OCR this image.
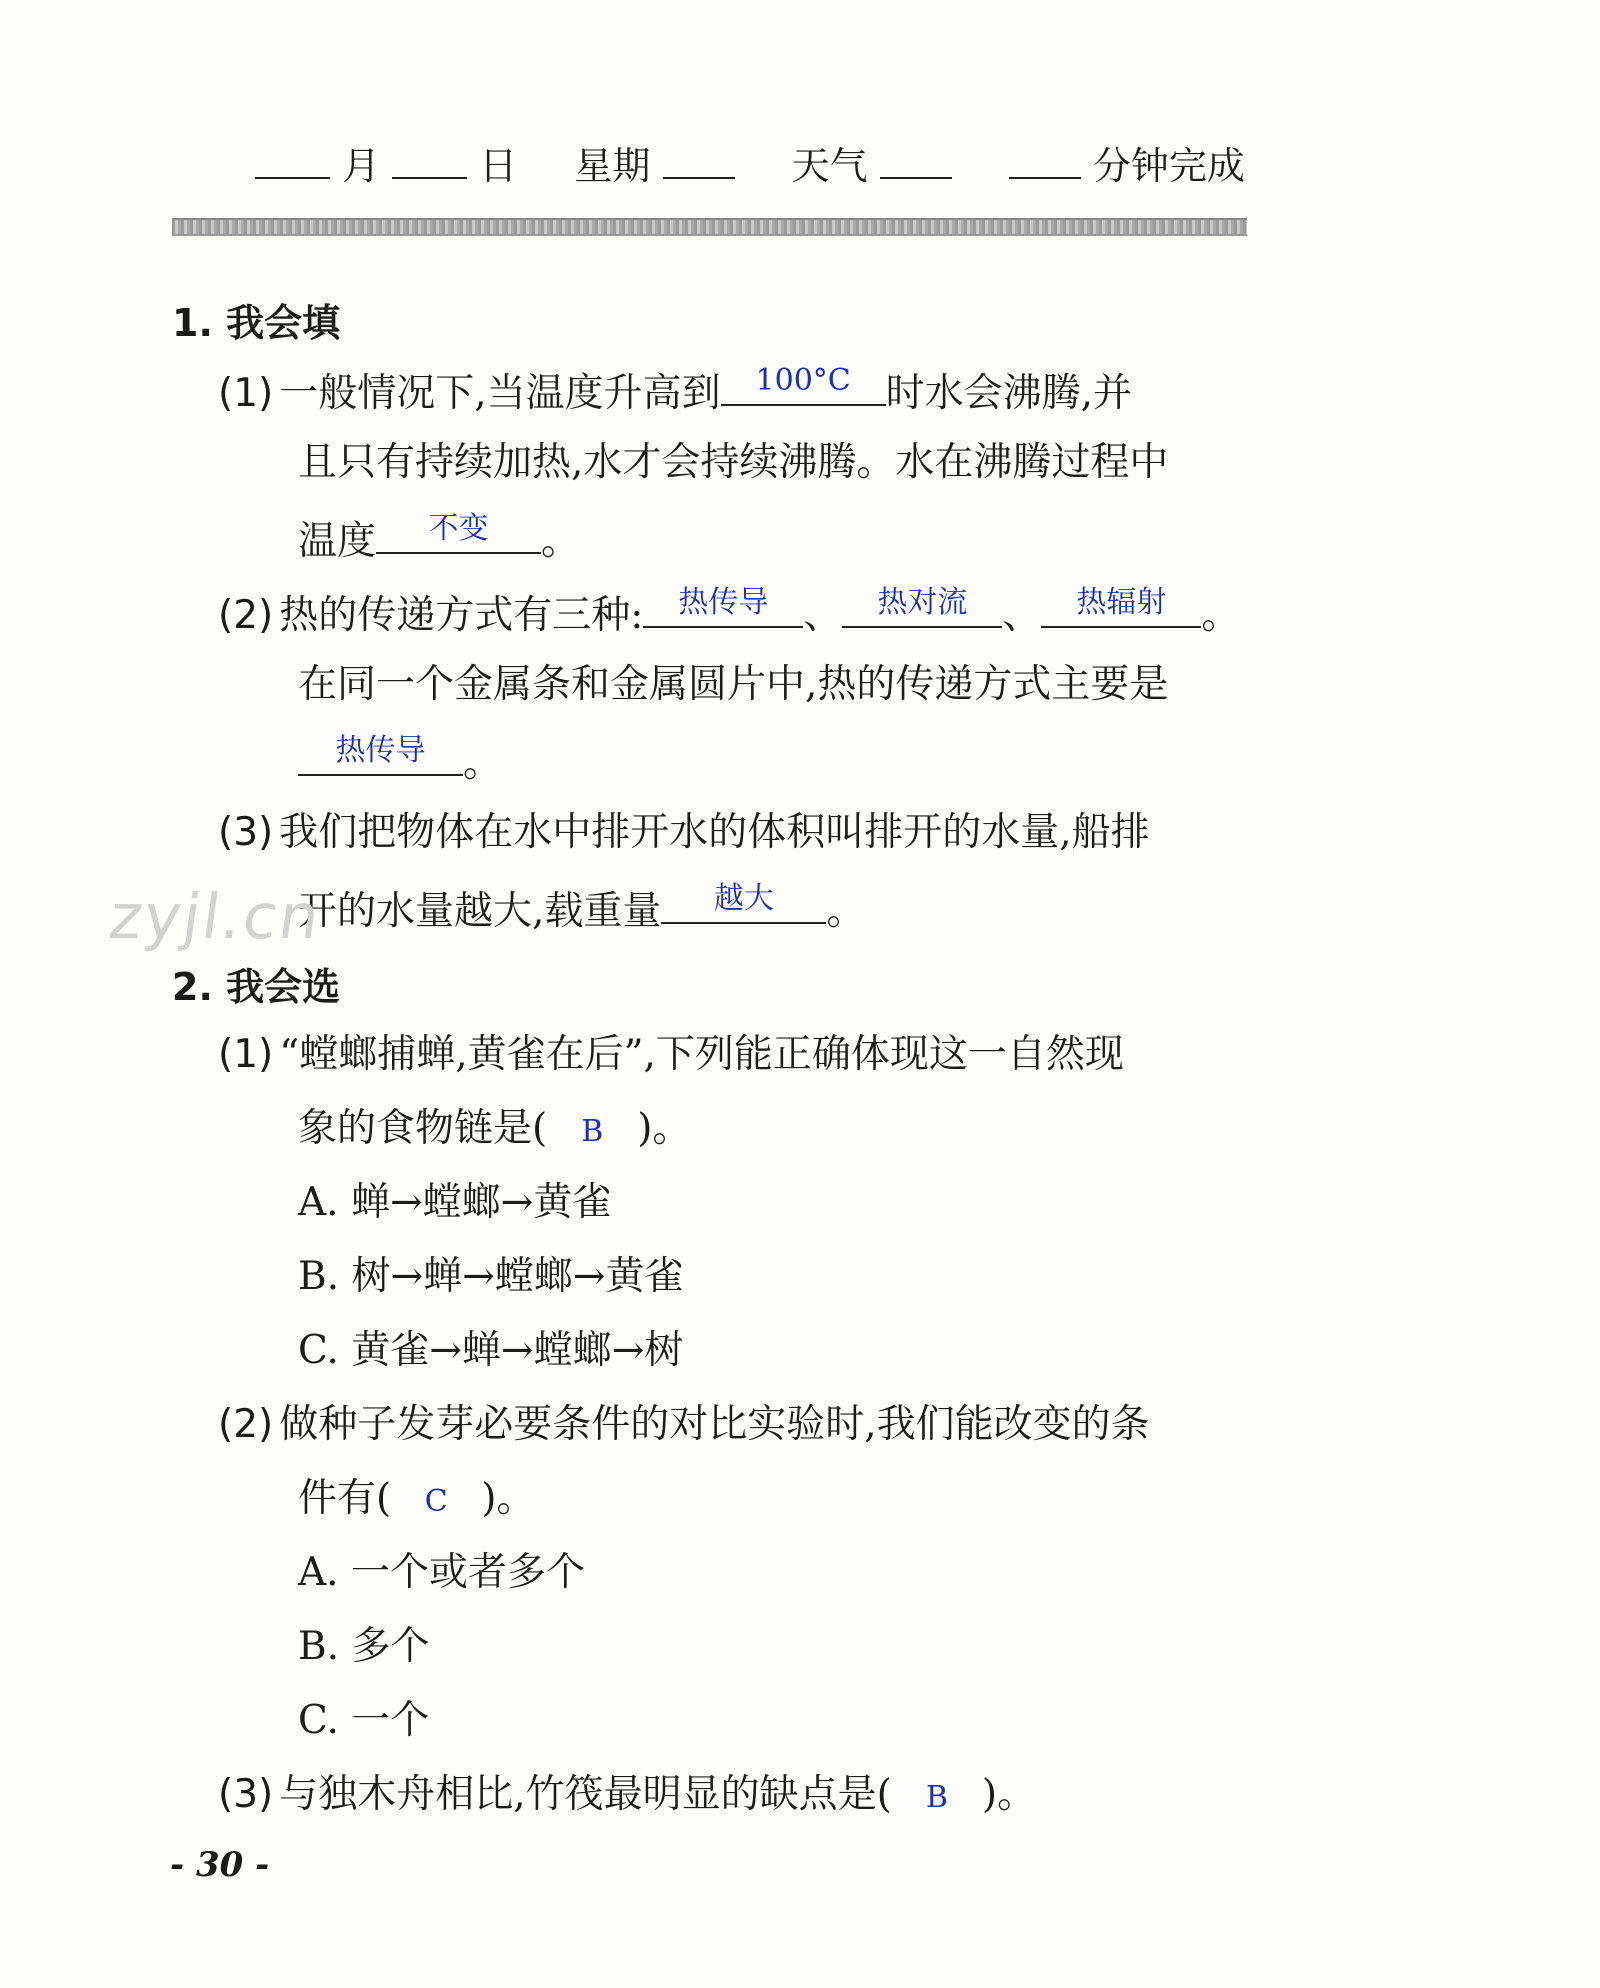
月	日 星期	天气	分钟完成
1. 我会填
(1) 一般情况下,当温度升高到	100°C 时水会沸腾,并
且只有持续加热,水才会持续沸腾。水在沸腾过程中
温度	不变	。
(2) 热的传递方式有三种:	热传导 、	热对流 、	热辐射 。
在同一个金属条和金属圆片中,热的传递方式主要是
热传导 。
(3) 我们把物体在水中排开水的体积叫排开的水量,船排
开的水量越大,载重量	越大	。
2. 我会选
(1) “螳螂捕蝉,黄雀在后”,下列能正确体现这一自然现
象的食物链是( B )。
A. 蝉→螳螂→黄雀
B. 树→蝉→螳螂→黄雀
C. 黄雀→蝉→螳螂→树
(2) 做种子发芽必要条件的对比实验时,我们能改变的条
件有( C )。
A. 一个或者多个
B. 多个
C. 一个
(3) 与独木舟相比,竹筏最明显的缺点是( B )。
zyjl.cn
- 30 -
